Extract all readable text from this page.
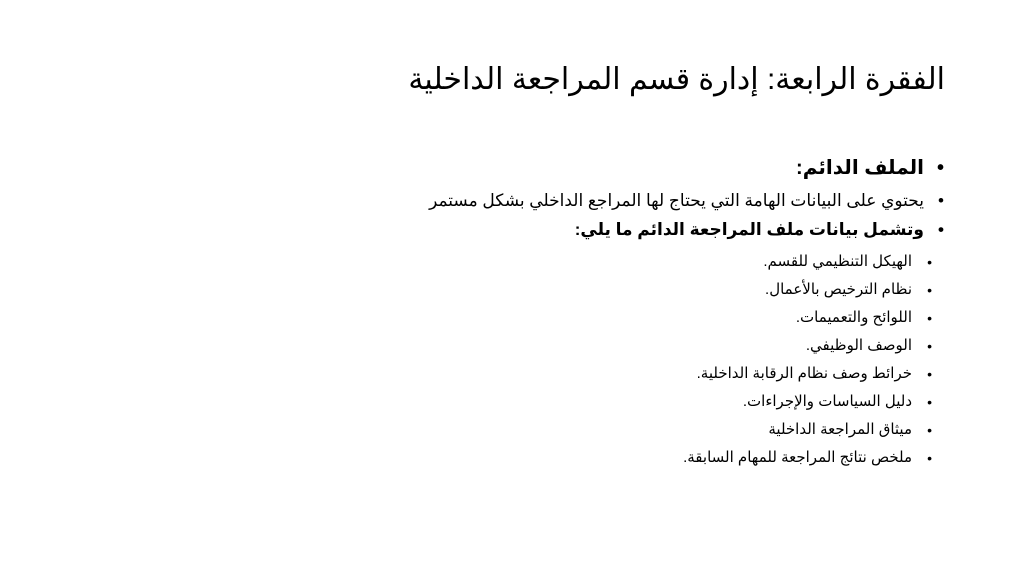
الفقرة الرابعة: إدارة قسم المراجعة الداخلية
•
الملف الدائم:
•
يحتوي على البيانات الهامة التي يحتاج لها المراجع الداخلي بشكل مستمر
•
وتشمل بيانات ملف المراجعة الدائم ما يلي:
•
الهيكل التنظيمي للقسم.
•
نظام الترخيص بالأعمال.
•
اللوائح والتعميمات.
•
الوصف الوظيفي.
•
خرائط وصف نظام الرقابة الداخلية.
•
دليل السياسات والإجراءات.
•
ميثاق المراجعة الداخلية
•
ملخص نتائج المراجعة للمهام السابقة.
